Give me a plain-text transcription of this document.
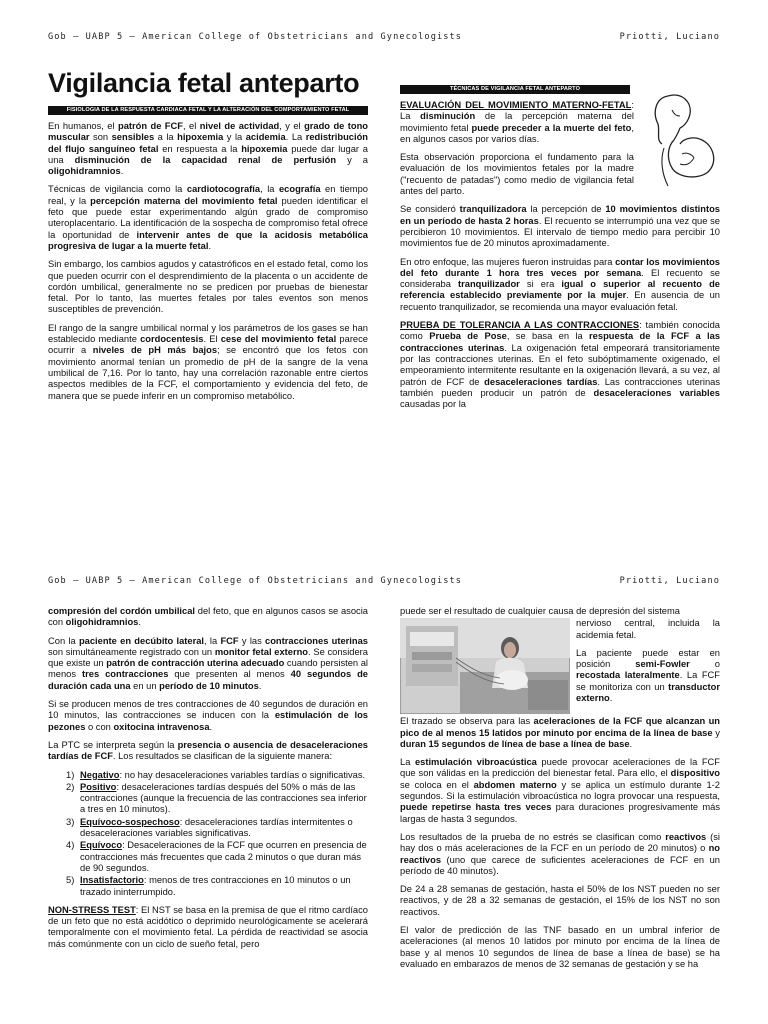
Gob – UABP 5 – American College of Obstetricians and Gynecologists	Priotti, Luciano
Vigilancia fetal anteparto
FISIOLOGIA DE LA RESPUESTA CARDIACA FETAL Y LA ALTERACIÓN DEL COMPORTAMIENTO FETAL

En humanos, el patrón de FCF, el nivel de actividad, y el grado de tono muscular son sensibles a la hipoxemia y la acidemia. La redistribución del flujo sanguíneo fetal en respuesta a la hipoxemia puede dar lugar a una disminución de la capacidad renal de perfusión y a oligohidramnios.

Técnicas de vigilancia como la cardiotocografía, la ecografía en tiempo real, y la percepción materna del movimiento fetal pueden identificar el feto que puede estar experimentando algún grado de compromiso uteroplacentario. La identificación de la sospecha de compromiso fetal ofrece la oportunidad de intervenir antes de que la acidosis metabólica progresiva de lugar a la muerte fetal.

Sin embargo, los cambios agudos y catastróficos en el estado fetal, como los que pueden ocurrir con el desprendimiento de la placenta o un accidente de cordón umbilical, generalmente no se predicen por pruebas de bienestar fetal. Por lo tanto, las muertes fetales por tales eventos son menos susceptibles de prevención.

El rango de la sangre umbilical normal y los parámetros de los gases se han establecido mediante cordocentesis. El cese del movimiento fetal parece ocurrir a niveles de pH más bajos; se encontró que los fetos con movimiento anormal tenían un promedio de pH de la sangre de la vena umbilical de 7,16. Por lo tanto, hay una correlación razonable entre ciertos aspectos medibles de la FCF, el comportamiento y evidencia del feto, de manera que se puede inferir en un compromiso metabólico.

TÉCNICAS DE VIGILANCIA FETAL ANTEPARTO

EVALUACIÓN DEL MOVIMIENTO MATERNO-FETAL: La disminución de la percepción materna del movimiento fetal puede preceder a la muerte del feto, en algunos casos por varios días.

Esta observación proporciona el fundamento para la evaluación de los movimientos fetales por la madre ("recuento de patadas") como medio de vigilancia fetal antes del parto.

Se consideró tranquilizadora la percepción de 10 movimientos distintos en un período de hasta 2 horas. El recuento se interrumpió una vez que se percibieron 10 movimientos. El intervalo de tiempo medio para percibir 10 movimientos fue de 20 minutos aproximadamente.

En otro enfoque, las mujeres fueron instruidas para contar los movimientos del feto durante 1 hora tres veces por semana. El recuento se consideraba tranquilizador si era igual o superior al recuento de referencia establecido previamente por la mujer. En ausencia de un recuento tranquilizador, se recomienda una mayor evaluación fetal.

PRUEBA DE TOLERANCIA A LAS CONTRACCIONES: también conocida como Prueba de Pose, se basa en la respuesta de la FCF a las contracciones uterinas. La oxigenación fetal empeorará transitoriamente por las contracciones uterinas. En el feto subóptimamente oxigenado, el empeoramiento intermitente resultante en la oxigenación llevará, a su vez, al patrón de FCF de desaceleraciones tardías. Las contracciones uterinas también pueden producir un patrón de desaceleraciones variables causadas por la

Gob – UABP 5 – American College of Obstetricians and Gynecologists	Priotti, Luciano

compresión del cordón umbilical del feto, que en algunos casos se asocia con oligohidramnios.

Con la paciente en decúbito lateral, la FCF y las contracciones uterinas son simultáneamente registrado con un monitor fetal externo. Se considera que existe un patrón de contracción uterina adecuado cuando persisten al menos tres contracciones que presenten al menos 40 segundos de duración cada una en un período de 10 minutos.

Si se producen menos de tres contracciones de 40 segundos de duración en 10 minutos, las contracciones se inducen con la estimulación de los pezones o con oxitocina intravenosa.

La PTC se interpreta según la presencia o ausencia de desaceleraciones tardías de FCF. Los resultados se clasifican de la siguiente manera:

1) Negativo: no hay desaceleraciones variables tardías o significativas.
2) Positivo: desaceleraciones tardías después del 50% o más de las contracciones (aunque la frecuencia de las contracciones sea inferior a tres en 10 minutos).
3) Equívoco-sospechoso: desaceleraciones tardías intermitentes o desaceleraciones variables significativas.
4) Equívoco: Desaceleraciones de la FCF que ocurren en presencia de contracciones más frecuentes que cada 2 minutos o que duran más de 90 segundos.
5) Insatisfactorio: menos de tres contracciones en 10 minutos o un trazado ininterrumpido.

NON-STRESS TEST: El NST se basa en la premisa de que el ritmo cardíaco de un feto que no está acidótico o deprimido neurológicamente se acelerará temporalmente con el movimiento fetal. La pérdida de reactividad se asocia más comúnmente con un ciclo de sueño fetal, pero

puede ser el resultado de cualquier causa de depresión del sistema

nervioso central, incluida la acidemia fetal.

La paciente puede estar en posición semi-Fowler o recostada lateralmente. La FCF se monitoriza con un transductor externo.

El trazado se observa para las aceleraciones de la FCF que alcanzan un pico de al menos 15 latidos por minuto por encima de la línea de base y duran 15 segundos de línea de base a línea de base.

La estimulación vibroacústica puede provocar aceleraciones de la FCF que son válidas en la predicción del bienestar fetal. Para ello, el dispositivo se coloca en el abdomen materno y se aplica un estímulo durante 1-2 segundos. Si la estimulación vibroacústica no logra provocar una respuesta, puede repetirse hasta tres veces para duraciones progresivamente más largas de hasta 3 segundos.

Los resultados de la prueba de no estrés se clasifican como reactivos (si hay dos o más aceleraciones de la FCF en un período de 20 minutos) o no reactivos (uno que carece de suficientes aceleraciones de FCF en un período de 40 minutos).

De 24 a 28 semanas de gestación, hasta el 50% de los NST pueden no ser reactivos, y de 28 a 32 semanas de gestación, el 15% de los NST no son reactivos.

El valor de predicción de las TNF basado en un umbral inferior de aceleraciones (al menos 10 latidos por minuto por encima de la línea de base y al menos 10 segundos de línea de base a línea de base) se ha evaluado en embarazos de menos de 32 semanas de gestación y se ha
